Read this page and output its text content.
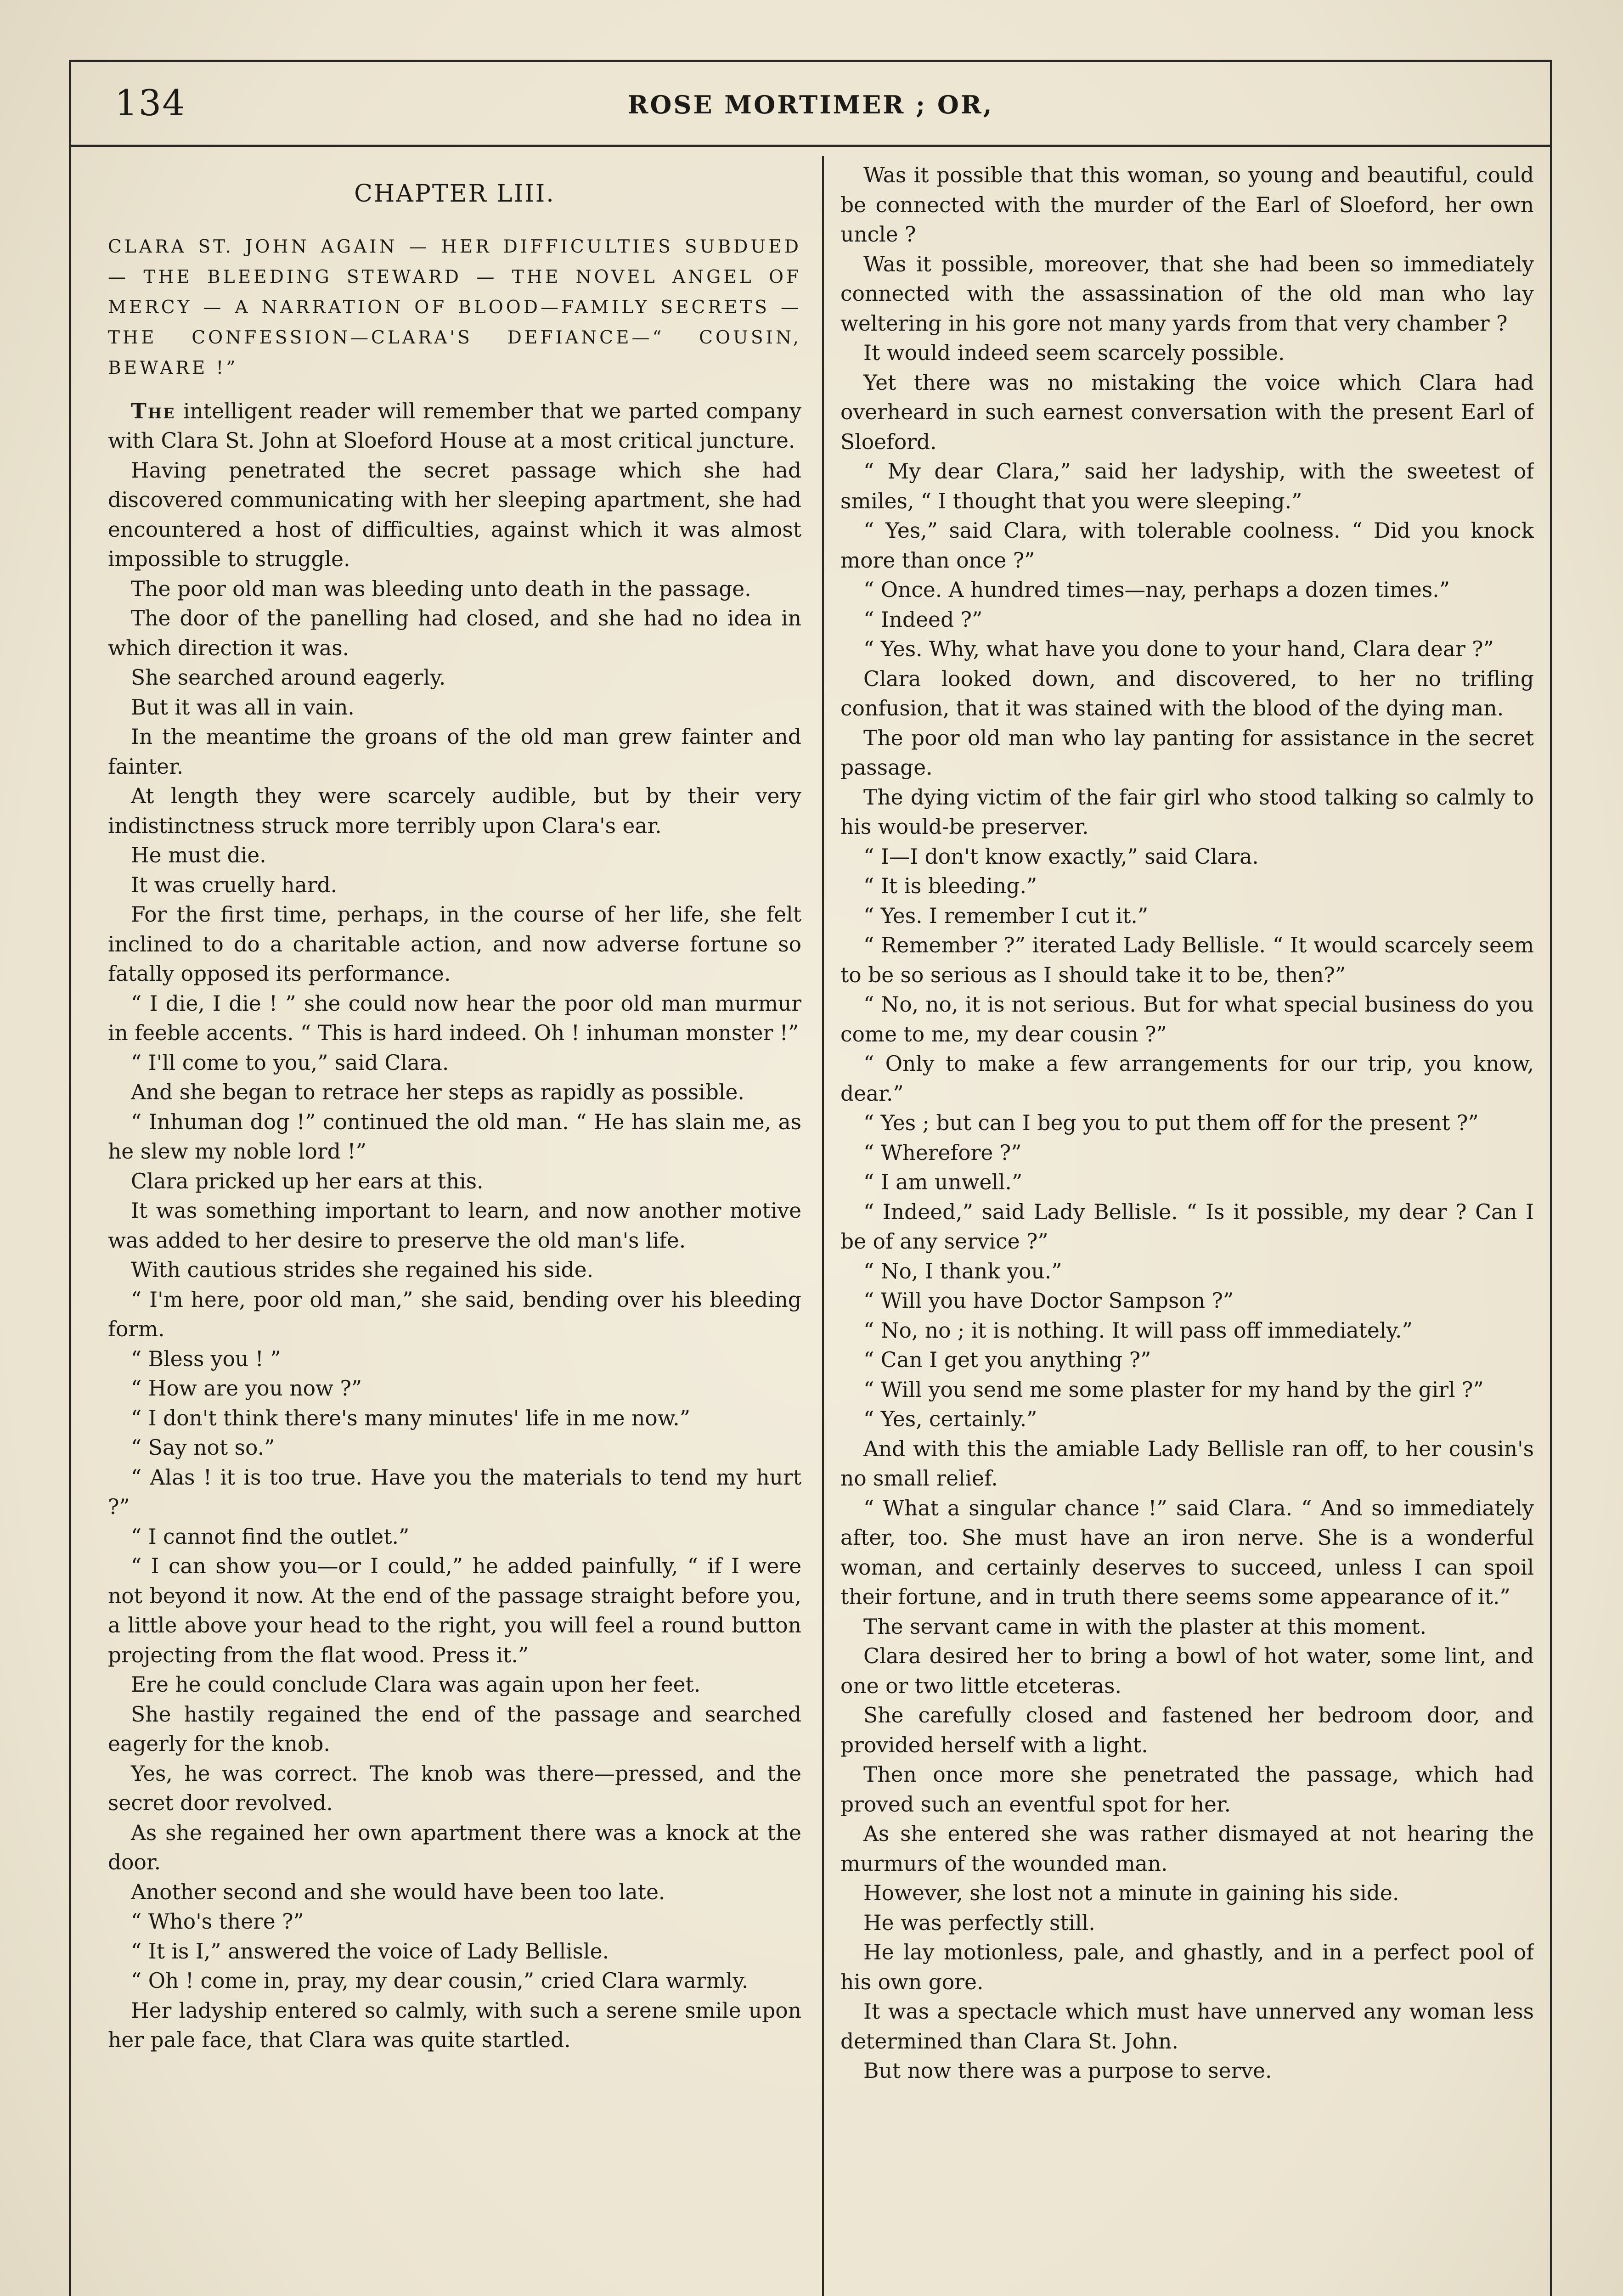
134	ROSE MORTIMER ; OR,
CHAPTER LIII.
CLARA ST. JOHN AGAIN — HER DIFFICULTIES SUBDUED — THE BLEEDING STEWARD — THE NOVEL ANGEL OF MERCY — A NARRATION OF BLOOD—FAMILY SECRETS —THE CONFESSION—CLARA'S DEFIANCE—“ COUSIN, BEWARE !”

The intelligent reader will remember that we parted company with Clara St. John at Sloeford House at a most critical juncture.

Having penetrated the secret passage which she had discovered communicating with her sleeping apartment, she had encountered a host of difficulties, against which it was almost impossible to struggle.

The poor old man was bleeding unto death in the passage.

The door of the panelling had closed, and she had no idea in which direction it was.

She searched around eagerly.

But it was all in vain.

In the meantime the groans of the old man grew fainter and fainter.

At length they were scarcely audible, but by their very indistinctness struck more terribly upon Clara's ear.

He must die.

It was cruelly hard.

For the first time, perhaps, in the course of her life, she felt inclined to do a charitable action, and now adverse fortune so fatally opposed its performance.

“ I die, I die ! ” she could now hear the poor old man murmur in feeble accents. “ This is hard indeed. Oh ! inhuman monster !”

“ I'll come to you,” said Clara.

And she began to retrace her steps as rapidly as possible.

“ Inhuman dog !” continued the old man. “ He has slain me, as he slew my noble lord !”

Clara pricked up her ears at this.

It was something important to learn, and now another motive was added to her desire to preserve the old man's life.

With cautious strides she regained his side.

“ I'm here, poor old man,” she said, bending over his bleeding form.

“ Bless you ! ”

“ How are you now ?”

“ I don't think there's many minutes' life in me now.”

“ Say not so.”

“ Alas ! it is too true. Have you the materials to tend my hurt ?”

“ I cannot find the outlet.”

“ I can show you—or I could,” he added painfully, “ if I were not beyond it now. At the end of the passage straight before you, a little above your head to the right, you will feel a round button projecting from the flat wood. Press it.”

Ere he could conclude Clara was again upon her feet.

She hastily regained the end of the passage and searched eagerly for the knob.

Yes, he was correct. The knob was there—pressed, and the secret door revolved.

As she regained her own apartment there was a knock at the door.

Another second and she would have been too late.

“ Who's there ?”

“ It is I,” answered the voice of Lady Bellisle.

“ Oh ! come in, pray, my dear cousin,” cried Clara warmly.

Her ladyship entered so calmly, with such a serene smile upon her pale face, that Clara was quite startled.

Was it possible that this woman, so young and beautiful, could be connected with the murder of the Earl of Sloeford, her own uncle ?

Was it possible, moreover, that she had been so immediately connected with the assassination of the old man who lay weltering in his gore not many yards from that very chamber ?

It would indeed seem scarcely possible.

Yet there was no mistaking the voice which Clara had overheard in such earnest conversation with the present Earl of Sloeford.

“ My dear Clara,” said her ladyship, with the sweetest of smiles, “ I thought that you were sleeping.”

“ Yes,” said Clara, with tolerable coolness. “ Did you knock more than once ?”

“ Once. A hundred times—nay, perhaps a dozen times.”

“ Indeed ?”

“ Yes. Why, what have you done to your hand, Clara dear ?”

Clara looked down, and discovered, to her no trifling confusion, that it was stained with the blood of the dying man.

The poor old man who lay panting for assistance in the secret passage.

The dying victim of the fair girl who stood talking so calmly to his would-be preserver.

“ I—I don't know exactly,” said Clara.

“ It is bleeding.”

“ Yes. I remember I cut it.”

“ Remember ?” iterated Lady Bellisle. “ It would scarcely seem to be so serious as I should take it to be, then?”

“ No, no, it is not serious. But for what special business do you come to me, my dear cousin ?”

“ Only to make a few arrangements for our trip, you know, dear.”

“ Yes ; but can I beg you to put them off for the present ?”

“ Wherefore ?”

“ I am unwell.”

“ Indeed,” said Lady Bellisle. “ Is it possible, my dear ? Can I be of any service ?”

“ No, I thank you.”

“ Will you have Doctor Sampson ?”

“ No, no ; it is nothing. It will pass off immediately.”

“ Can I get you anything ?”

“ Will you send me some plaster for my hand by the girl ?”

“ Yes, certainly.”

And with this the amiable Lady Bellisle ran off, to her cousin's no small relief.

“ What a singular chance !” said Clara. “ And so immediately after, too. She must have an iron nerve. She is a wonderful woman, and certainly deserves to succeed, unless I can spoil their fortune, and in truth there seems some appearance of it.”

The servant came in with the plaster at this moment.

Clara desired her to bring a bowl of hot water, some lint, and one or two little etceteras.

She carefully closed and fastened her bedroom door, and provided herself with a light.

Then once more she penetrated the passage, which had proved such an eventful spot for her.

As she entered she was rather dismayed at not hearing the murmurs of the wounded man.

However, she lost not a minute in gaining his side.

He was perfectly still.

He lay motionless, pale, and ghastly, and in a perfect pool of his own gore.

It was a spectacle which must have unnerved any woman less determined than Clara St. John.

But now there was a purpose to serve.
